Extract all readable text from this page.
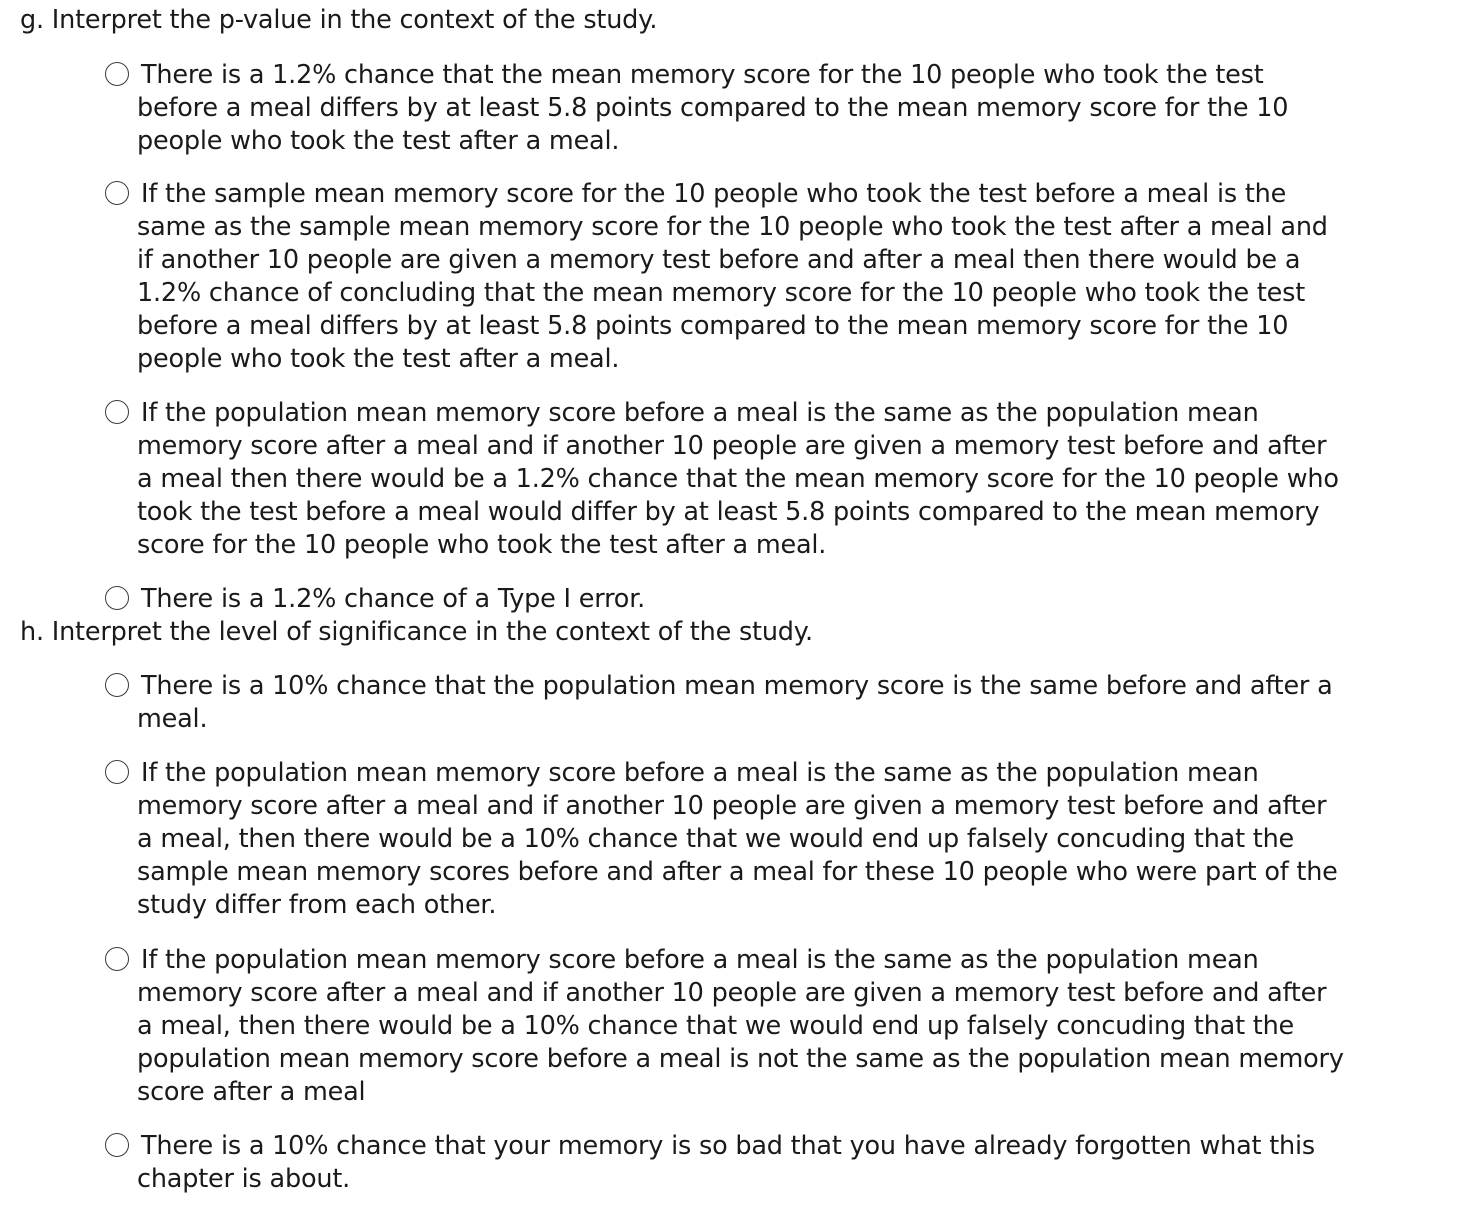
g. Interpret the p-value in the context of the study.
There is a 1.2% chance that the mean memory score for the 10 people who took the test
before a meal differs by at least 5.8 points compared to the mean memory score for the 10
people who took the test after a meal.
If the sample mean memory score for the 10 people who took the test before a meal is the
same as the sample mean memory score for the 10 people who took the test after a meal and
if another 10 people are given a memory test before and after a meal then there would be a
1.2% chance of concluding that the mean memory score for the 10 people who took the test
before a meal differs by at least 5.8 points compared to the mean memory score for the 10
people who took the test after a meal.
If the population mean memory score before a meal is the same as the population mean
memory score after a meal and if another 10 people are given a memory test before and after
a meal then there would be a 1.2% chance that the mean memory score for the 10 people who
took the test before a meal would differ by at least 5.8 points compared to the mean memory
score for the 10 people who took the test after a meal.
There is a 1.2% chance of a Type I error.
h. Interpret the level of significance in the context of the study.
There is a 10% chance that the population mean memory score is the same before and after a
meal.
If the population mean memory score before a meal is the same as the population mean
memory score after a meal and if another 10 people are given a memory test before and after
a meal, then there would be a 10% chance that we would end up falsely concuding that the
sample mean memory scores before and after a meal for these 10 people who were part of the
study differ from each other.
If the population mean memory score before a meal is the same as the population mean
memory score after a meal and if another 10 people are given a memory test before and after
a meal, then there would be a 10% chance that we would end up falsely concuding that the
population mean memory score before a meal is not the same as the population mean memory
score after a meal
There is a 10% chance that your memory is so bad that you have already forgotten what this
chapter is about.
